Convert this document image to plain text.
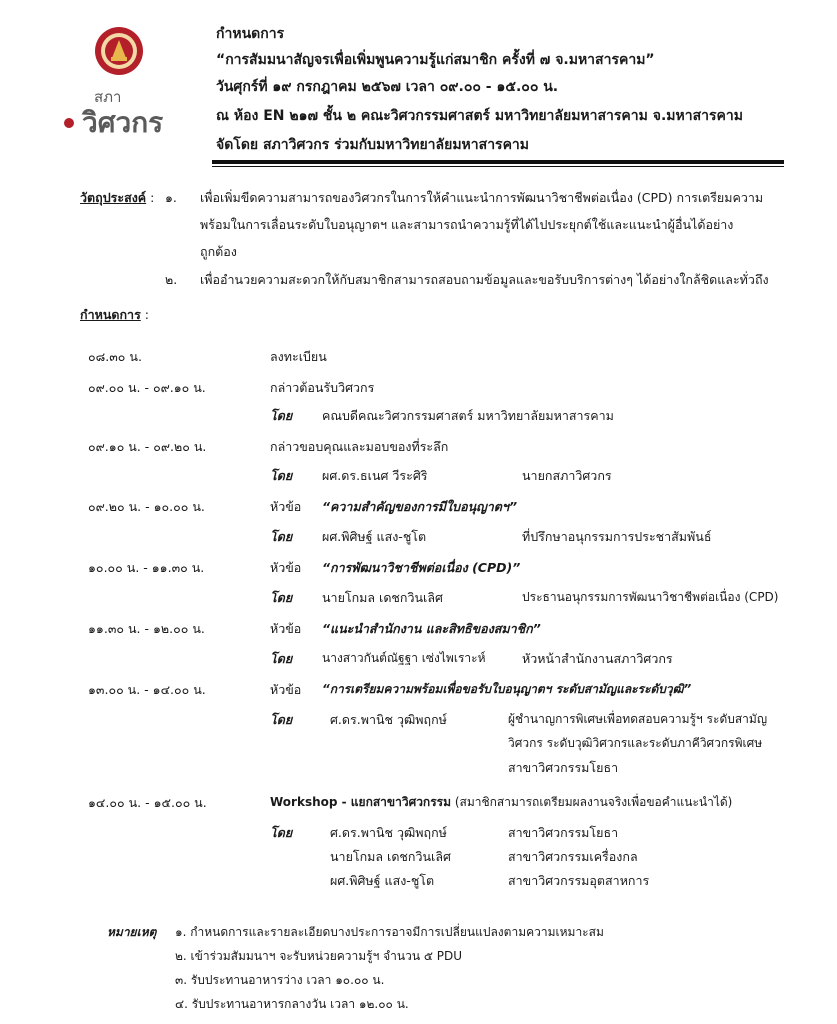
สภา
วิศวกร
กำหนดการ
“การสัมมนาสัญจรเพื่อเพิ่มพูนความรู้แก่สมาชิก ครั้งที่ ๗ จ.มหาสารคาม”
วันศุกร์ที่ ๑๙ กรกฎาคม ๒๕๖๗ เวลา ๐๙.๐๐ - ๑๕.๐๐ น.
ณ ห้อง EN ๒๑๗ ชั้น ๒ คณะวิศวกรรมศาสตร์ มหาวิทยาลัยมหาสารคาม จ.มหาสารคาม
จัดโดย สภาวิศวกร ร่วมกับมหาวิทยาลัยมหาสารคาม
วัตถุประสงค์ : ๑. เพื่อเพิ่มขีดความสามารถของวิศวกรในการให้คำแนะนำการพัฒนาวิชาชีพต่อเนื่อง (CPD) การเตรียมความ
พร้อมในการเลื่อนระดับใบอนุญาตฯ และสามารถนำความรู้ที่ได้ไปประยุกต์ใช้และแนะนำผู้อื่นได้อย่าง
ถูกต้อง
๒. เพื่ออำนวยความสะดวกให้กับสมาชิกสามารถสอบถามข้อมูลและขอรับบริการต่างๆ ได้อย่างใกล้ชิดและทั่วถึง
กำหนดการ :
๐๘.๓๐ น.	ลงทะเบียน
๐๙.๐๐ น. - ๐๙.๑๐ น.	กล่าวต้อนรับวิศวกร
โดย คณบดีคณะวิศวกรรมศาสตร์ มหาวิทยาลัยมหาสารคาม
๐๙.๑๐ น. - ๐๙.๒๐ น.	กล่าวขอบคุณและมอบของที่ระลึก
โดย ผศ.ดร.ธเนศ วีระศิริ	นายกสภาวิศวกร
๐๙.๒๐ น. - ๑๐.๐๐ น.	หัวข้อ “ความสำคัญของการมีใบอนุญาตฯ”
โดย ผศ.พิศิษฐ์ แสง-ชูโต	ที่ปรึกษาอนุกรรมการประชาสัมพันธ์
๑๐.๐๐ น. - ๑๑.๓๐ น.	หัวข้อ “การพัฒนาวิชาชีพต่อเนื่อง (CPD)”
โดย นายโกมล เดชกวินเลิศ	ประธานอนุกรรมการพัฒนาวิชาชีพต่อเนื่อง (CPD)
๑๑.๓๐ น. - ๑๒.๐๐ น.	หัวข้อ “แนะนำสำนักงาน และสิทธิของสมาชิก”
โดย นางสาวกันต์ณัฐฐา เซ่งไพเราะห์	หัวหน้าสำนักงานสภาวิศวกร
๑๓.๐๐ น. - ๑๔.๐๐ น.	หัวข้อ “การเตรียมความพร้อมเพื่อขอรับใบอนุญาตฯ ระดับสามัญและระดับวุฒิ”
โดย	ศ.ดร.พานิช วุฒิพฤกษ์	ผู้ชำนาญการพิเศษเพื่อทดสอบความรู้ฯ ระดับสามัญ
วิศวกร ระดับวุฒิวิศวกรและระดับภาคีวิศวกรพิเศษ
สาขาวิศวกรรมโยธา
๑๔.๐๐ น. - ๑๕.๐๐ น.	Workshop - แยกสาขาวิศวกรรม (สมาชิกสามารถเตรียมผลงานจริงเพื่อขอคำแนะนำได้)
โดย	ศ.ดร.พานิช วุฒิพฤกษ์	สาขาวิศวกรรมโยธา
นายโกมล เดชกวินเลิศ	สาขาวิศวกรรมเครื่องกล
ผศ.พิศิษฐ์ แสง-ชูโต	สาขาวิศวกรรมอุตสาหการ
หมายเหตุ ๑. กำหนดการและรายละเอียดบางประการอาจมีการเปลี่ยนแปลงตามความเหมาะสม
๒. เข้าร่วมสัมมนาฯ จะรับหน่วยความรู้ฯ จำนวน ๕ PDU
๓. รับประทานอาหารว่าง เวลา ๑๐.๐๐ น.
๔. รับประทานอาหารกลางวัน เวลา ๑๒.๐๐ น.
